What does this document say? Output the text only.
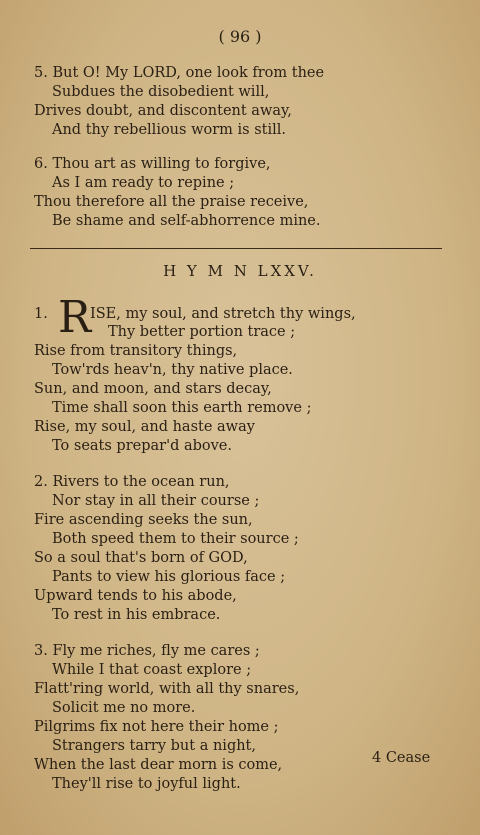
( 96 )
5. But O! My LORD, one look from thee
Subdues the disobedient will,
Drives doubt, and discontent away,
And thy rebellious worm is still.
6. Thou art as willing to forgive,
As I am ready to repine ;
Thou therefore all the praise receive,
Be shame and self-abhorrence mine.
H Y M N LXXV.
1. R
ISE, my soul, and stretch thy wings,
Thy better portion trace ;
Rise from transitory things,
Tow'rds heav'n, thy native place.
Sun, and moon, and stars decay,
Time shall soon this earth remove ;
Rise, my soul, and haste away
To seats prepar'd above.
2. Rivers to the ocean run,
Nor stay in all their course ;
Fire ascending seeks the sun,
Both speed them to their source ;
So a soul that's born of GOD,
Pants to view his glorious face ;
Upward tends to his abode,
To rest in his embrace.
3. Fly me riches, fly me cares ;
While I that coast explore ;
Flatt'ring world, with all thy snares,
Solicit me no more.
Pilgrims fix not here their home ;
Strangers tarry but a night,
When the last dear morn is come,
They'll rise to joyful light.
4 Cease
